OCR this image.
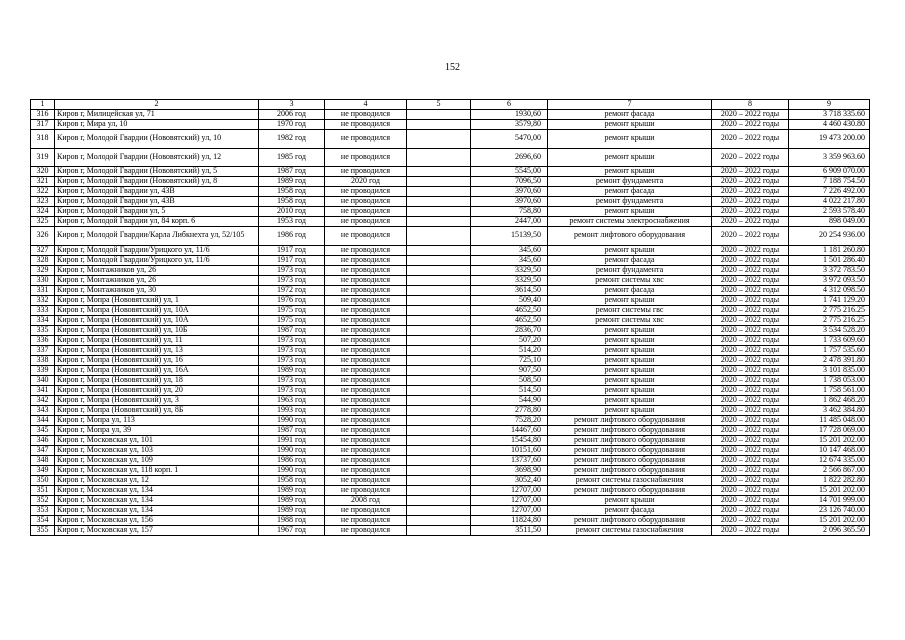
152
1	2	3	4	5	6	7	8	9
316	Киров г, Милицейская ул, 71	2006 год	не проводился		1930,60	ремонт фасада	2020 – 2022 годы	3 718 335.60
317	Киров г, Мира ул, 10	1970 год	не проводился		3579,80	ремонт крыши	2020 – 2022 годы	4 460 430.80
318	Киров г, Молодой Гвардии (Нововятский) ул, 10	1982 год	не проводился		5470,00	ремонт крыши	2020 – 2022 годы	19 473 200.00
319	Киров г, Молодой Гвардии (Нововятский) ул, 12	1985 год	не проводился		2696,60	ремонт крыши	2020 – 2022 годы	3 359 963.60
320	Киров г, Молодой Гвардии (Нововятский) ул, 5	1987 год	не проводился		5545,00	ремонт крыши	2020 – 2022 годы	6 909 070.00
321	Киров г, Молодой Гвардии (Нововятский) ул, 8	1989 год	2020 год		7096,50	ремонт фундамента	2020 – 2022 годы	7 188 754.50
322	Киров г, Молодой Гвардии ул, 43В	1958 год	не проводился		3970,60	ремонт фасада	2020 – 2022 годы	7 226 492.00
323	Киров г, Молодой Гвардии ул, 43В	1958 год	не проводился		3970,60	ремонт фундамента	2020 – 2022 годы	4 022 217.80
324	Киров г, Молодой Гвардии ул, 5	2010 год	не проводился		758,80	ремонт крыши	2020 – 2022 годы	2 593 578.40
325	Киров г, Молодой Гвардии ул, 84 корп. 6	1953 год	не проводился		2447,00	ремонт системы электроснабжения	2020 – 2022 годы	898 049.00
326	Киров г, Молодой Гвардии/Карла Либкнехта ул, 52/105	1986 год	не проводился		15139,50	ремонт лифтового оборудования	2020 – 2022 годы	20 254 936.00
327	Киров г, Молодой Гвардии/Урицкого ул, 11/6	1917 год	не проводился		345,60	ремонт крыши	2020 – 2022 годы	1 181 260.80
328	Киров г, Молодой Гвардии/Урицкого ул, 11/6	1917 год	не проводился		345,60	ремонт фасада	2020 – 2022 годы	1 501 286.40
329	Киров г, Монтажников ул, 26	1973 год	не проводился		3329,50	ремонт фундамента	2020 – 2022 годы	3 372 783.50
330	Киров г, Монтажников ул, 26	1973 год	не проводился		3329,50	ремонт системы хвс	2020 – 2022 годы	3 972 093.50
331	Киров г, Монтажников ул, 30	1972 год	не проводился		3614,50	ремонт фасада	2020 – 2022 годы	4 312 098.50
332	Киров г, Мопра (Нововятский) ул, 1	1976 год	не проводился		509,40	ремонт крыши	2020 – 2022 годы	1 741 129.20
333	Киров г, Мопра (Нововятский) ул, 10А	1975 год	не проводился		4652,50	ремонт системы гвс	2020 – 2022 годы	2 775 216.25
334	Киров г, Мопра (Нововятский) ул, 10А	1975 год	не проводился		4652,50	ремонт системы хвс	2020 – 2022 годы	2 775 216.25
335	Киров г, Мопра (Нововятский) ул, 10Б	1987 год	не проводился		2836,70	ремонт крыши	2020 – 2022 годы	3 534 528.20
336	Киров г, Мопра (Нововятский) ул, 11	1973 год	не проводился		507,20	ремонт крыши	2020 – 2022 годы	1 733 609.60
337	Киров г, Мопра (Нововятский) ул, 13	1973 год	не проводился		514,20	ремонт крыши	2020 – 2022 годы	1 757 535.60
338	Киров г, Мопра (Нововятский) ул, 16	1973 год	не проводился		725,10	ремонт крыши	2020 – 2022 годы	2 478 391.80
339	Киров г, Мопра (Нововятский) ул, 16А	1989 год	не проводился		907,50	ремонт крыши	2020 – 2022 годы	3 101 835.00
340	Киров г, Мопра (Нововятский) ул, 18	1973 год	не проводился		508,50	ремонт крыши	2020 – 2022 годы	1 738 053.00
341	Киров г, Мопра (Нововятский) ул, 20	1973 год	не проводился		514,50	ремонт крыши	2020 – 2022 годы	1 758 561.00
342	Киров г, Мопра (Нововятский) ул, 3	1963 год	не проводился		544,90	ремонт крыши	2020 – 2022 годы	1 862 468.20
343	Киров г, Мопра (Нововятский) ул, 8Б	1993 год	не проводился		2778,80	ремонт крыши	2020 – 2022 годы	3 462 384.80
344	Киров г, Мопра ул, 113	1990 год	не проводился		7528,20	ремонт лифтового оборудования	2020 – 2022 годы	11 485 048.00
345	Киров г, Мопра ул, 39	1987 год	не проводился		14467,60	ремонт лифтового оборудования	2020 – 2022 годы	17 728 069.00
346	Киров г, Московская ул, 101	1991 год	не проводился		15454,80	ремонт лифтового оборудования	2020 – 2022 годы	15 201 202.00
347	Киров г, Московская ул, 103	1990 год	не проводился		10151,60	ремонт лифтового оборудования	2020 – 2022 годы	10 147 468.00
348	Киров г, Московская ул, 109	1986 год	не проводился		13737,60	ремонт лифтового оборудования	2020 – 2022 годы	12 674 335.00
349	Киров г, Московская ул, 118 корп. 1	1990 год	не проводился		3698,90	ремонт лифтового оборудования	2020 – 2022 годы	2 566 867.00
350	Киров г, Московская ул, 12	1958 год	не проводился		3052,40	ремонт системы газоснабжения	2020 – 2022 годы	1 822 282.80
351	Киров г, Московская ул, 134	1989 год	не проводился		12707,00	ремонт лифтового оборудования	2020 – 2022 годы	15 201 202.00
352	Киров г, Московская ул, 134	1989 год	2008 год		12707,00	ремонт крыши	2020 – 2022 годы	14 701 999.00
353	Киров г, Московская ул, 134	1989 год	не проводился		12707,00	ремонт фасада	2020 – 2022 годы	23 126 740.00
354	Киров г, Московская ул, 156	1988 год	не проводился		11824,80	ремонт лифтового оборудования	2020 – 2022 годы	15 201 202.00
355	Киров г, Московская ул, 157	1967 год	не проводился		3511,50	ремонт системы газоснабжения	2020 – 2022 годы	2 096 365.50
